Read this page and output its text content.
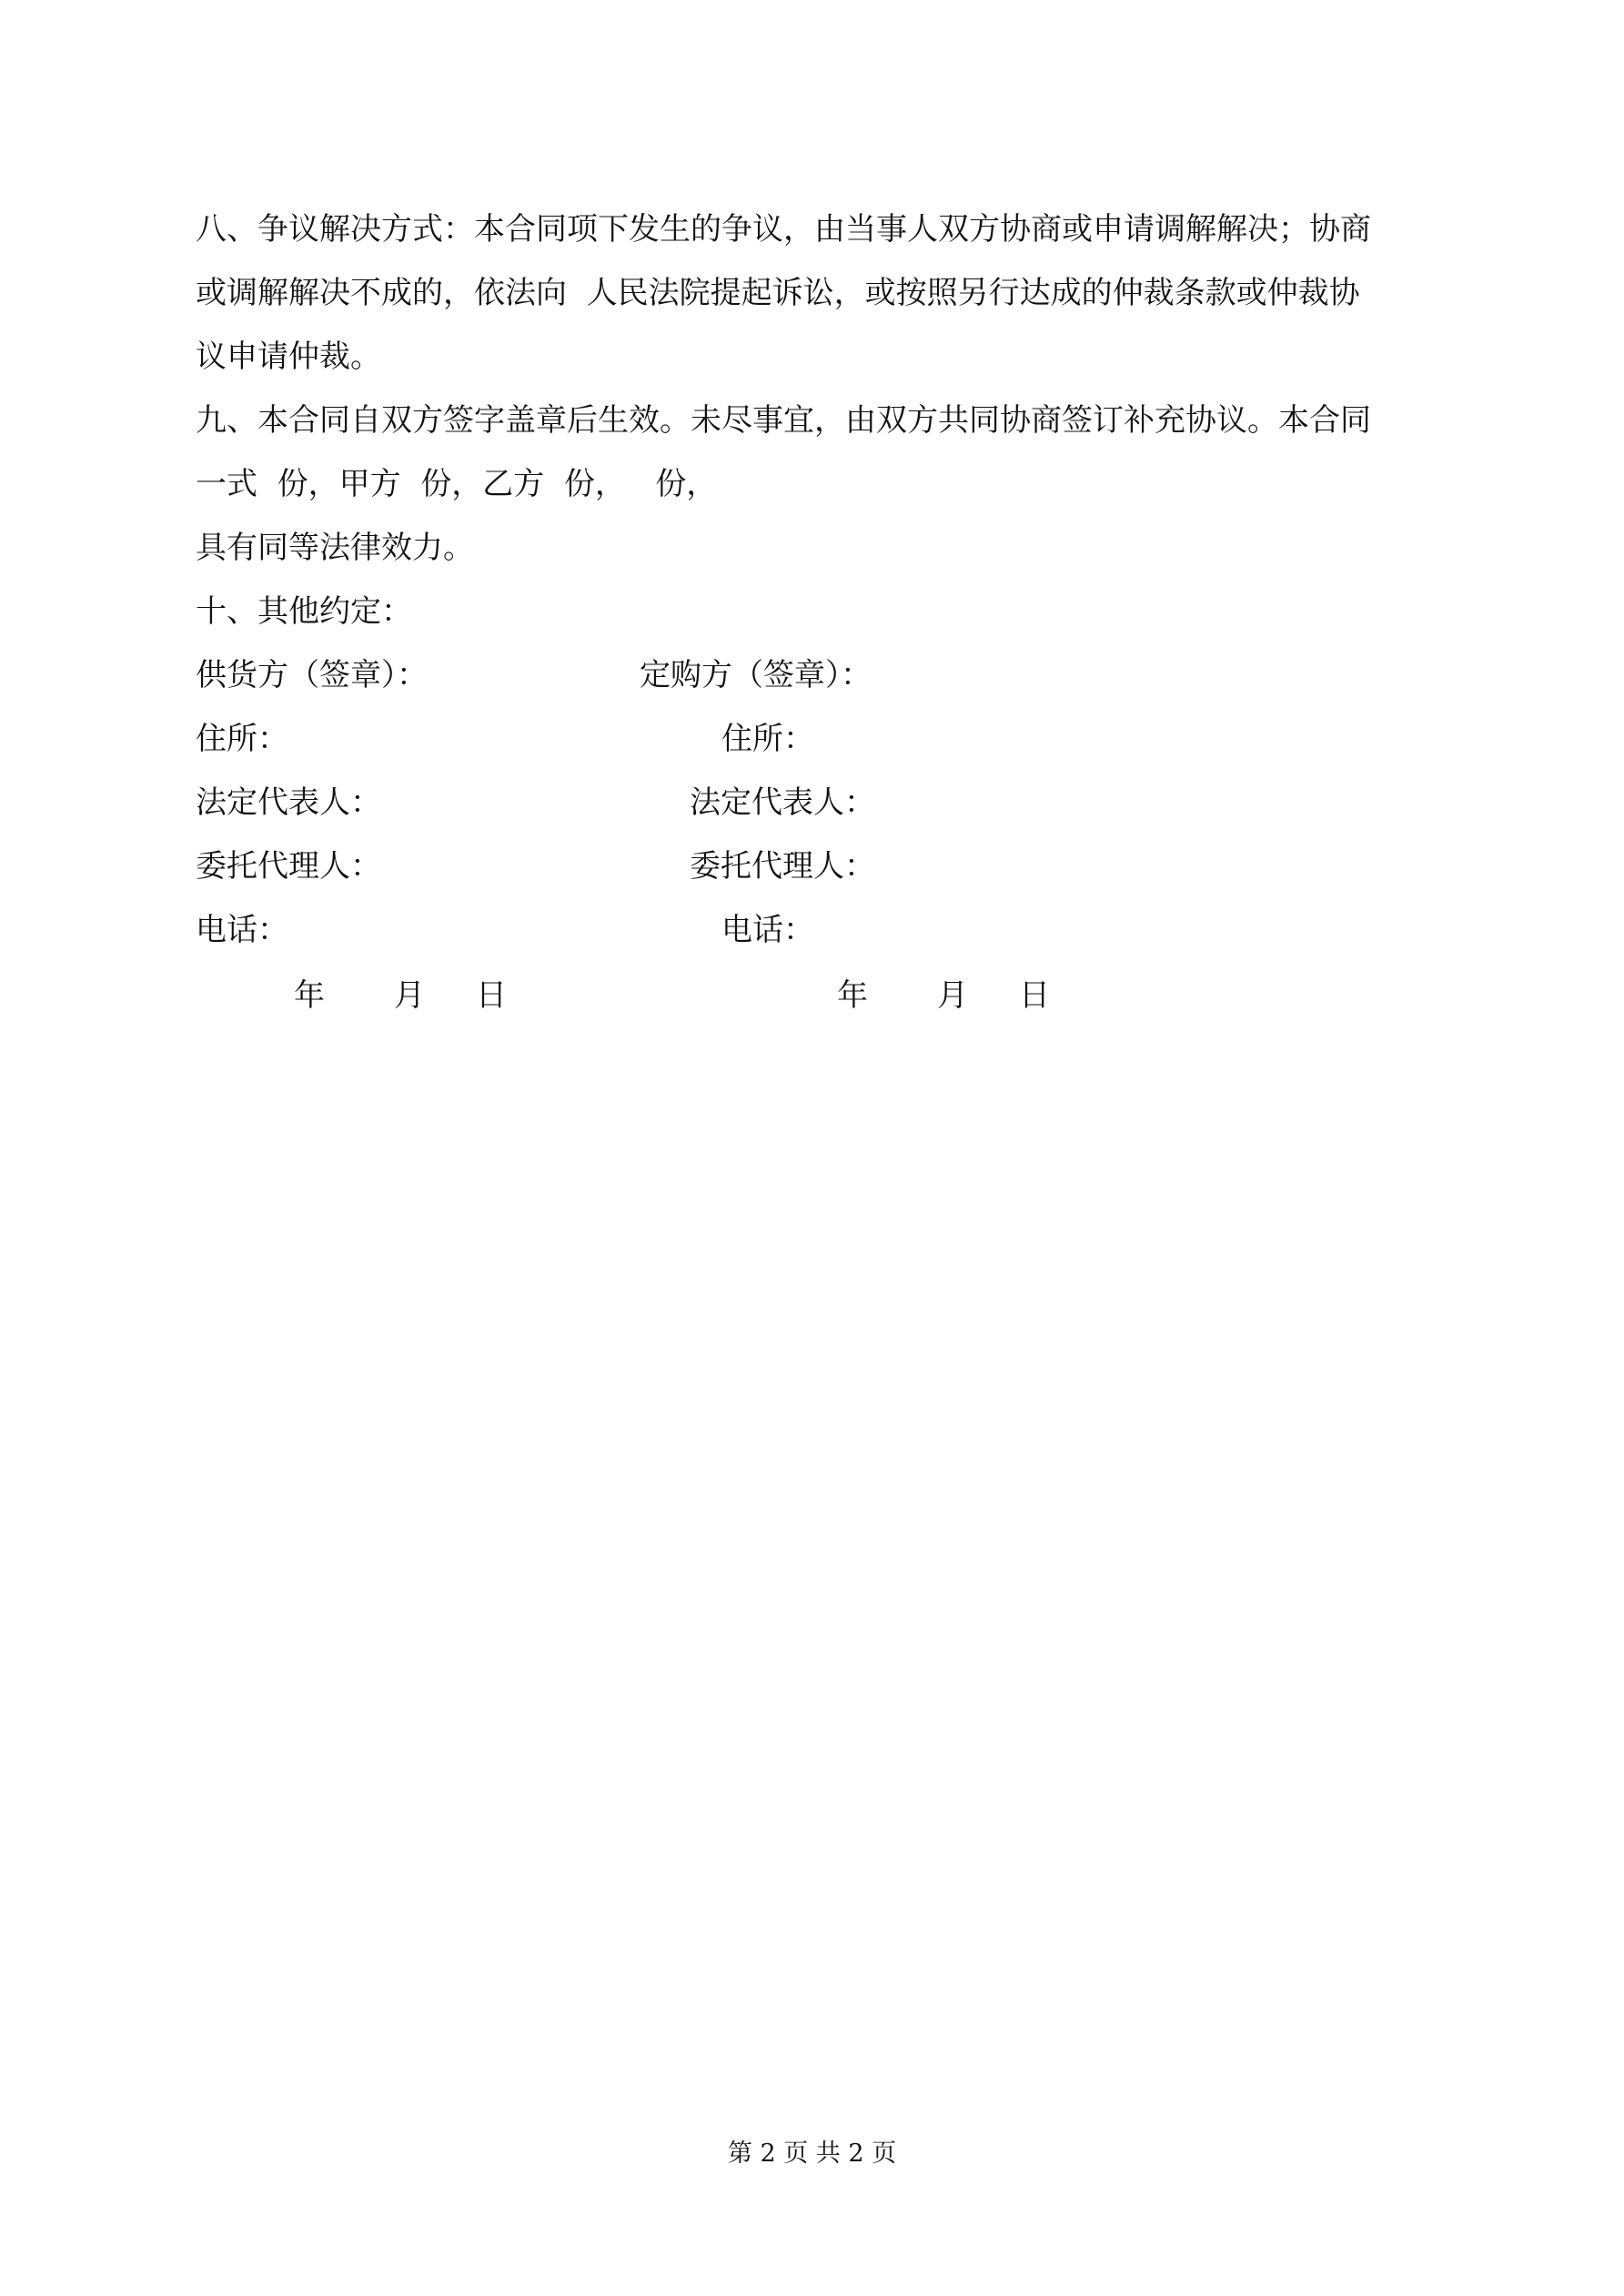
八、争议解决方式：本合同项下发生的争议，由当事人双方协商或申请调解解决；协商
或调解解决不成的，依法向  人民法院提起诉讼，或按照另行达成的仲裁条款或仲裁协
议申请仲裁。
九、本合同自双方签字盖章后生效。未尽事宜，由双方共同协商签订补充协议。本合同
一式  份，甲方  份，乙方  份，   份，
具有同等法律效力。
十、其他约定：
供货方（签章）：	定购方（签章）：
住所：	住所：
法定代表人：	法定代表人：
委托代理人：	委托代理人：
电话：	电话：
年 月 日	年 月 日
第 2 页 共 2 页
